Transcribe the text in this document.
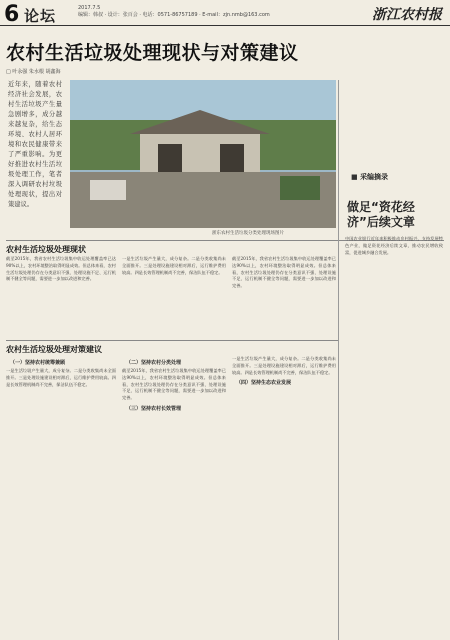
6 论坛	2017.7.5
编辑：韩叔 · 设计：张百会 · 电话：0571-86757189 · E-mail：zjn.nmb@163.com	浙江农村报
农村生活垃圾处理现状与对策建议
□ 叶永强 朱水根 胡鑫海
近年来，随着农村经济社会发展，农村生活垃圾产生量急剧增多，成分越来越复杂，给生态环境、农村人居环境和农民健康带来了严重影响。为更好推进农村生活垃圾处理工作，笔者深入调研农村垃圾处理现状，提出对策建议。
浙东农村生活垃圾分类处理现场图片
农村生活垃圾处理现状
截至2015年，我省农村生活垃圾集中收运处理覆盖率已达90%以上，农村环境整治取得明显成效。但总体来看，农村生活垃圾处理仍存在分类意识不强、处理设施不足、运行机制不健全等问题，需要进一步加以改进和完善。
一是生活垃圾产生量大，成分复杂。二是分类收集尚未全面推开。三是处理设施建设相对滞后，运行维护费用较高。四是长效管理机制尚不完善，保洁队伍不稳定。
截至2015年，我省农村生活垃圾集中收运处理覆盖率已达90%以上，农村环境整治取得明显成效。但总体来看，农村生活垃圾处理仍存在分类意识不强、处理设施不足、运行机制不健全等问题，需要进一步加以改进和完善。
农村生活垃圾处理对策建议
（一）坚持农村统筹兼顾
一是生活垃圾产生量大，成分复杂。二是分类收集尚未全面推开。三是处理设施建设相对滞后，运行维护费用较高。四是长效管理机制尚不完善，保洁队伍不稳定。
（二）坚持农村分类处理
截至2015年，我省农村生活垃圾集中收运处理覆盖率已达90%以上，农村环境整治取得明显成效。但总体来看，农村生活垃圾处理仍存在分类意识不强、处理设施不足、运行机制不健全等问题，需要进一步加以改进和完善。
（三）坚持农村长效管理
一是生活垃圾产生量大，成分复杂。二是分类收集尚未全面推开。三是处理设施建设相对滞后，运行维护费用较高。四是长效管理机制尚不完善，保洁队伍不稳定。
（四）坚持生态农业发展
■ 采编摘录
做足“资花经济”后续文章
中国农业银行近年来积极推动乡村振兴，支持发展特色产业，做足资花经济后续文章，推动农民增收致富，促进城乡融合发展。
